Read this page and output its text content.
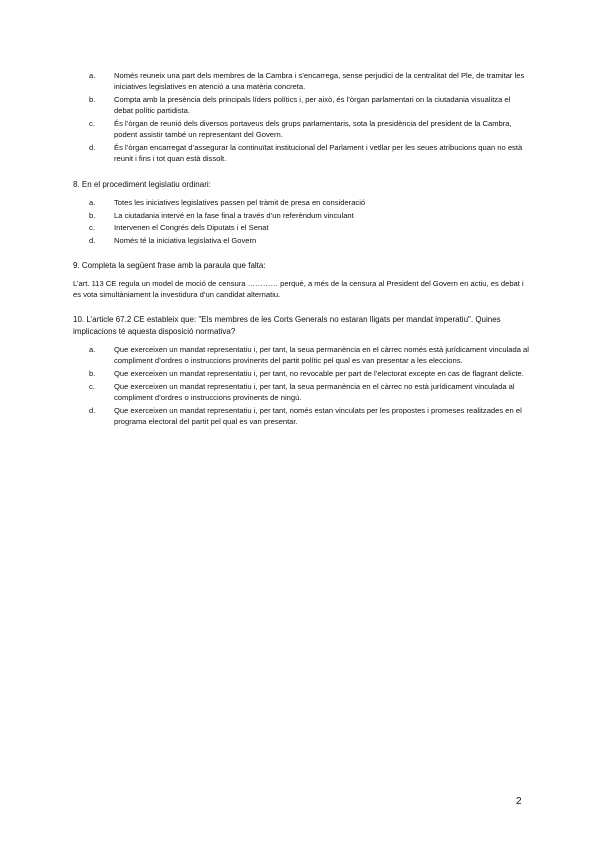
a.	Només reuneix una part dels membres de la Cambra i s’encarrega, sense perjudici de la centralitat del Ple, de tramitar les iniciatives legislatives en atenció a una matèria concreta.
b.	Compta amb la presència dels principals líders polítics i, per això, és l’òrgan parlamentari on la ciutadania visualitza el debat polític partidista.
c.	És l’òrgan de reunió dels diversos portaveus dels grups parlamentaris, sota la presidència del president de la Cambra, podent assistir també un representant del Govern.
d.	És l’òrgan encarregat d’assegurar la continuïtat institucional del Parlament i vetllar per les seues atribucions quan no està reunit i fins i tot quan està dissolt.

8. En el procediment legislatiu ordinari:

a.	Totes les iniciatives legislatives passen pel tràmit de presa en consideració
b.	La ciutadania intervé en la fase final a través d’un referèndum vinculant
c.	Intervenen el Congrés dels Diputats i el Senat
d.	Només té la iniciativa legislativa el Govern

9. Completa la següent frase amb la paraula que falta:

L’art. 113 CE regula un model de moció de censura ………… perquè, a més de la censura al President del Govern en actiu, es debat i es vota simultàniament la investidura d’un candidat alternatiu.

10. L’article 67.2 CE estableix que: "Els membres de les Corts Generals no estaran lligats per mandat imperatiu". Quines implicacions té aquesta disposició normativa?

a.	Que exerceixen un mandat representatiu i, per tant, la seua permanència en el càrrec només està jurídicament vinculada al compliment d’ordres o instruccions provinents del partit polític pel qual es van presentar a les eleccions.
b.	Que exerceixen un mandat representatiu i, per tant, no revocable per part de l’electorat excepte en cas de flagrant delicte.
c.	Que exerceixen un mandat representatiu i, per tant, la seua permanència en el càrrec no està jurídicament vinculada al compliment d’ordres o instruccions provinents de ningú.
d.	Que exerceixen un mandat representatiu i, per tant, només estan vinculats per les propostes i promeses realitzades en el programa electoral del partit pel qual es van presentar.
2
